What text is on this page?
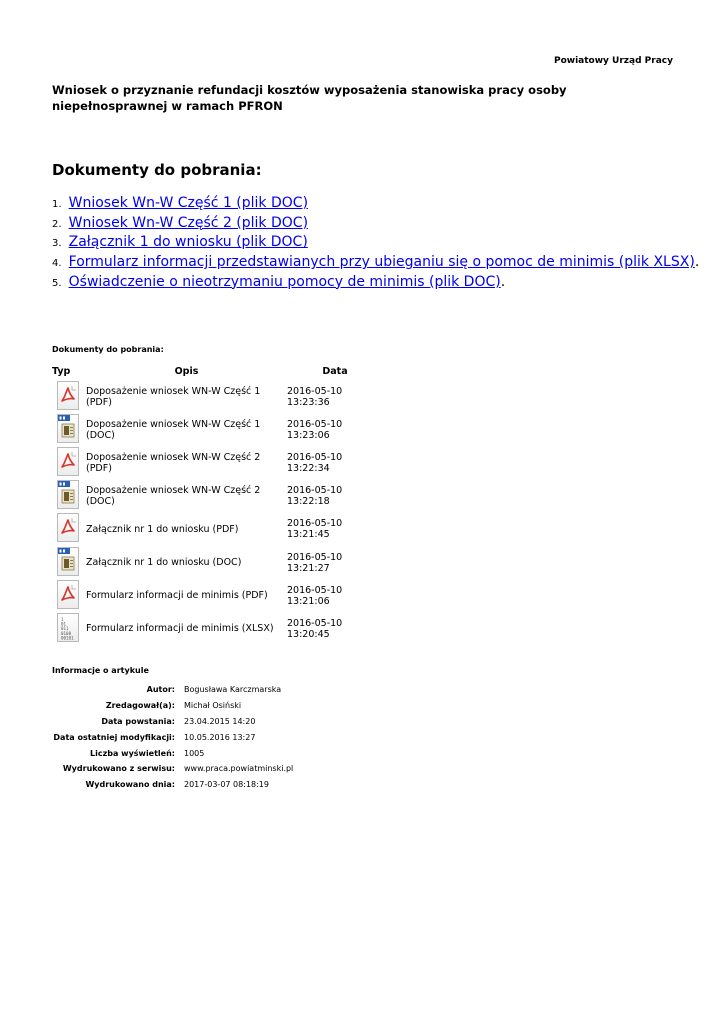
Powiatowy Urząd Pracy
Wniosek o przyznanie refundacji kosztów wyposażenia stanowiska pracy osoby niepełnosprawnej w ramach PFRON
Dokumenty do pobrania:
1. Wniosek Wn-W Część 1 (plik DOC)
2. Wniosek Wn-W Część 2 (plik DOC)
3. Załącznik 1 do wniosku (plik DOC)
4. Formularz informacji przedstawianych przy ubieganiu się o pomoc de minimis (plik XLSX).
5. Oświadczenie o nieotrzymaniu pomocy de minimis (plik DOC).
Dokumenty do pobrania:
Typ	Opis	Data

	Doposażenie wniosek WN-W Część 1 (PDF)	2016-05-10 13:23:36

	Doposażenie wniosek WN-W Część 1 (DOC)	2016-05-10 13:23:06

	Doposażenie wniosek WN-W Część 2 (PDF)	2016-05-10 13:22:34

	Doposażenie wniosek WN-W Część 2 (DOC)	2016-05-10 13:22:18

	Załącznik nr 1 do wniosku (PDF)	2016-05-10 13:21:45

	Załącznik nr 1 do wniosku (DOC)	2016-05-10 13:21:27

	Formularz informacji de minimis (PDF)	2016-05-10 13:21:06

1
01
011
0100
00101	Formularz informacji de minimis (XLSX)	2016-05-10 13:20:45
Informacje o artykule
Autor:	Bogusława Karczmarska
Zredagował(a):	Michał Osiński
Data powstania:	23.04.2015 14:20
Data ostatniej modyfikacji:	10.05.2016 13:27
Liczba wyświetleń:	1005
Wydrukowano z serwisu:	www.praca.powiatminski.pl
Wydrukowano dnia:	2017-03-07 08:18:19
